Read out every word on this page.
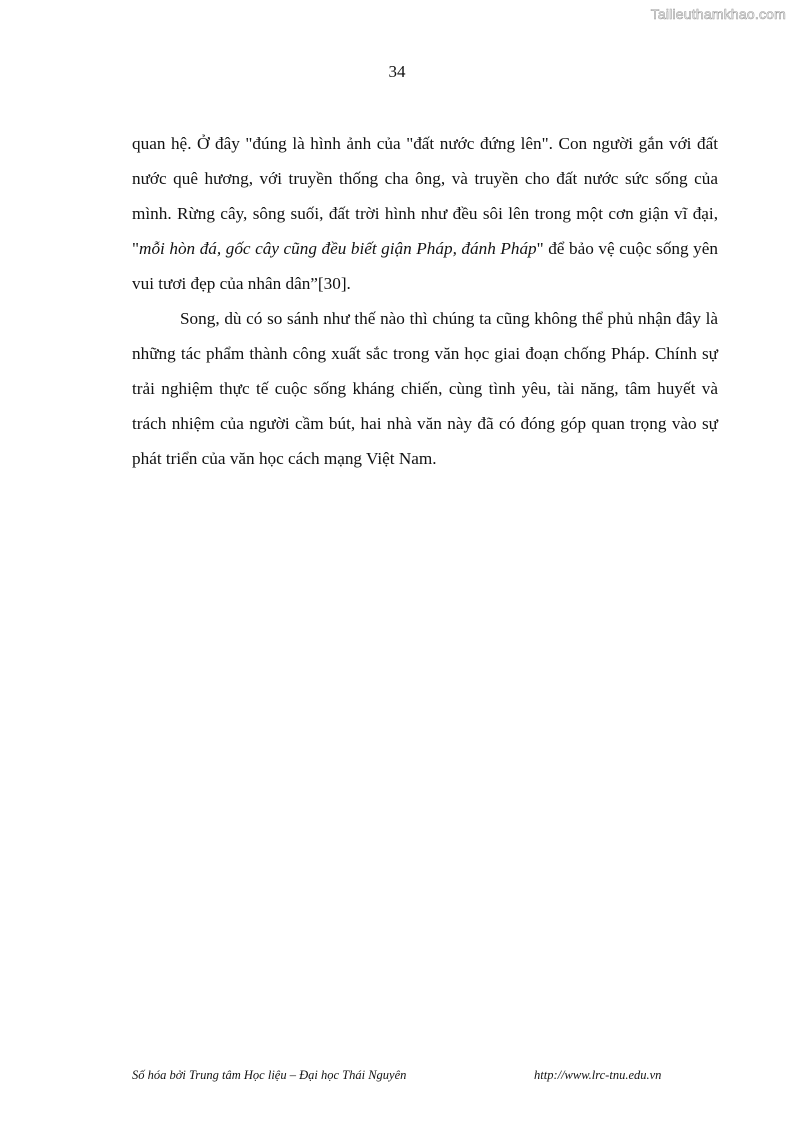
Tailieuthamkhao.com
34

quan hệ. Ở đây "đúng là hình ảnh của "đất nước đứng lên". Con người gắn với đất nước quê hương, với truyền thống cha ông, và truyền cho đất nước sức sống của mình. Rừng cây, sông suối, đất trời hình như đều sôi lên trong một cơn giận vĩ đại, "mỗi hòn đá, gốc cây cũng đều biết giận Pháp, đánh Pháp" để bảo vệ cuộc sống yên vui tươi đẹp của nhân dân”[30].

Song, dù có so sánh như thế nào thì chúng ta cũng không thể phủ nhận đây là những tác phẩm thành công xuất sắc trong văn học giai đoạn chống Pháp. Chính sự trải nghiệm thực tế cuộc sống kháng chiến, cùng tình yêu, tài năng, tâm huyết và trách nhiệm của người cầm bút, hai nhà văn này đã có đóng góp quan trọng vào sự phát triển của văn học cách mạng Việt Nam.

Số hóa bởi Trung tâm Học liệu – Đại học Thái Nguyên	http://www.lrc-tnu.edu.vn
